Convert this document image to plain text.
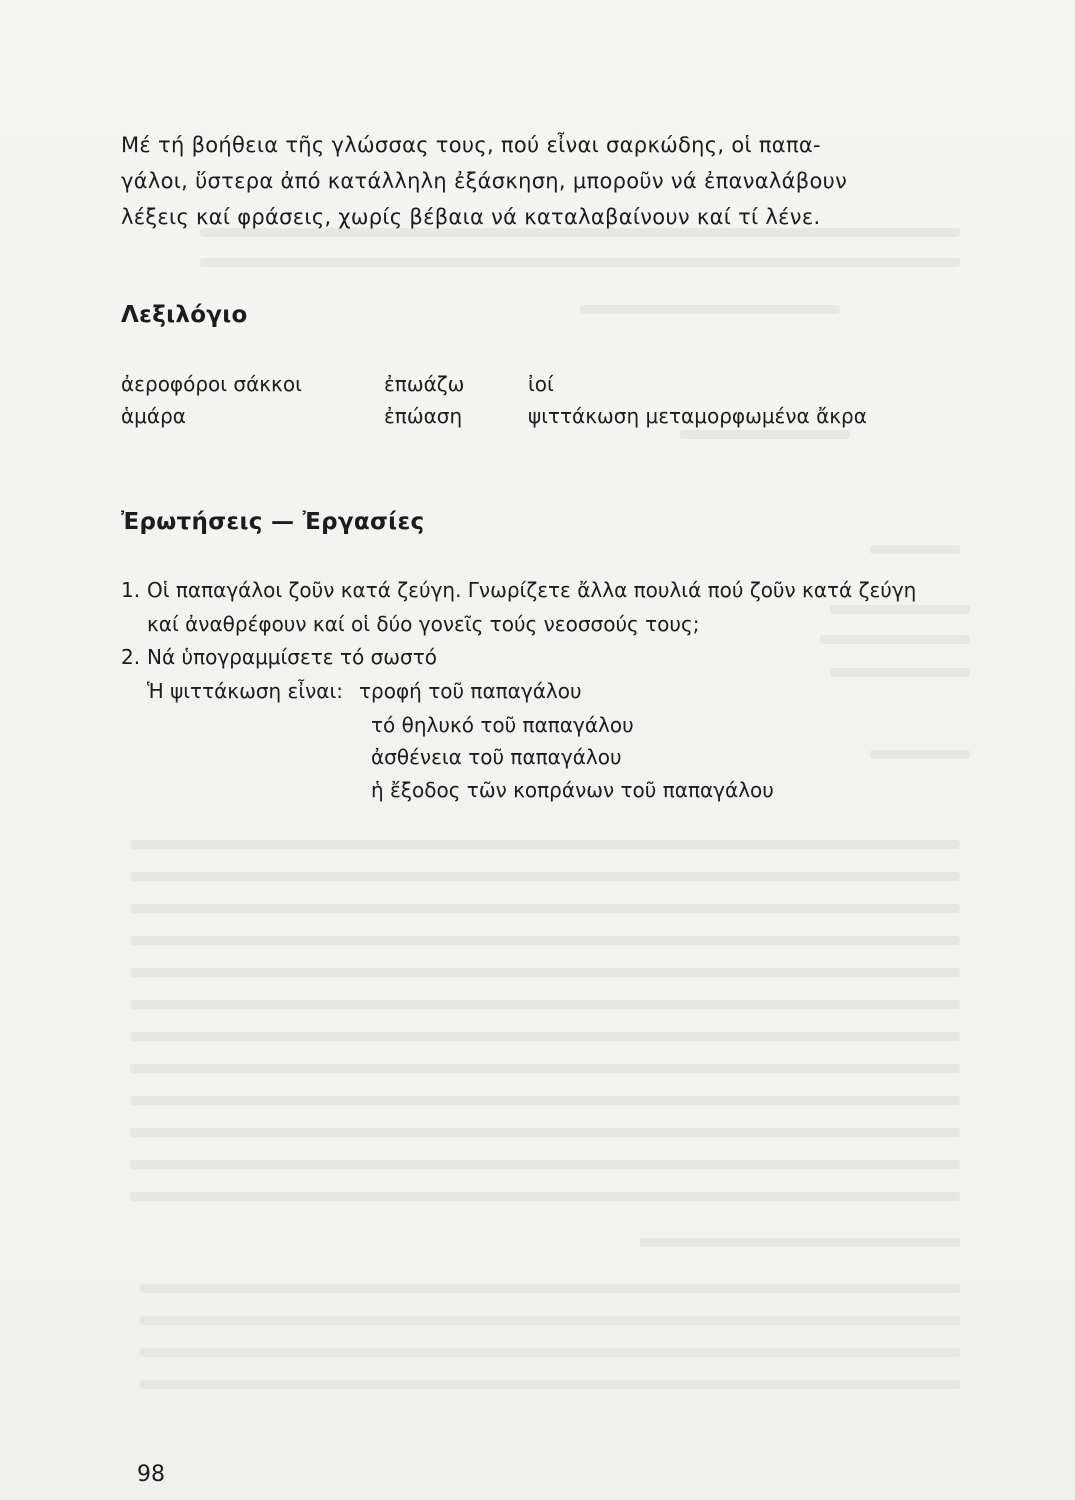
Μέ τή βοήθεια τῆς γλώσσας τους, πού εἶναι σαρκώδης, οἱ παπα-
γάλοι, ὕστερα ἀπό κατάλληλη ἐξάσκηση, μποροῦν νά ἐπαναλάβουν
λέξεις καί φράσεις, χωρίς βέβαια νά καταλαβαίνουν καί τί λένε.
Λεξιλόγιο
ἀεροφόροι σάκκοι
ἁμάρα
ἐπωάζω
ἐπώαση
ἰοί
ψιττάκωση μεταμορφωμένα ἄκρα
Ἐρωτήσεις — Ἐργασίες
1. Οἱ παπαγάλοι ζοῦν κατά ζεύγη. Γνωρίζετε ἄλλα πουλιά πού ζοῦν κατά ζεύγη
καί ἀναθρέφουν καί οἱ δύο γονεῖς τούς νεοσσούς τους;
2. Νά ὑπογραμμίσετε τό σωστό
Ἡ ψιττάκωση εἶναι: τροφή τοῦ παπαγάλου
τό θηλυκό τοῦ παπαγάλου
ἀσθένεια τοῦ παπαγάλου
ἡ ἔξοδος τῶν κοπράνων τοῦ παπαγάλου
98
